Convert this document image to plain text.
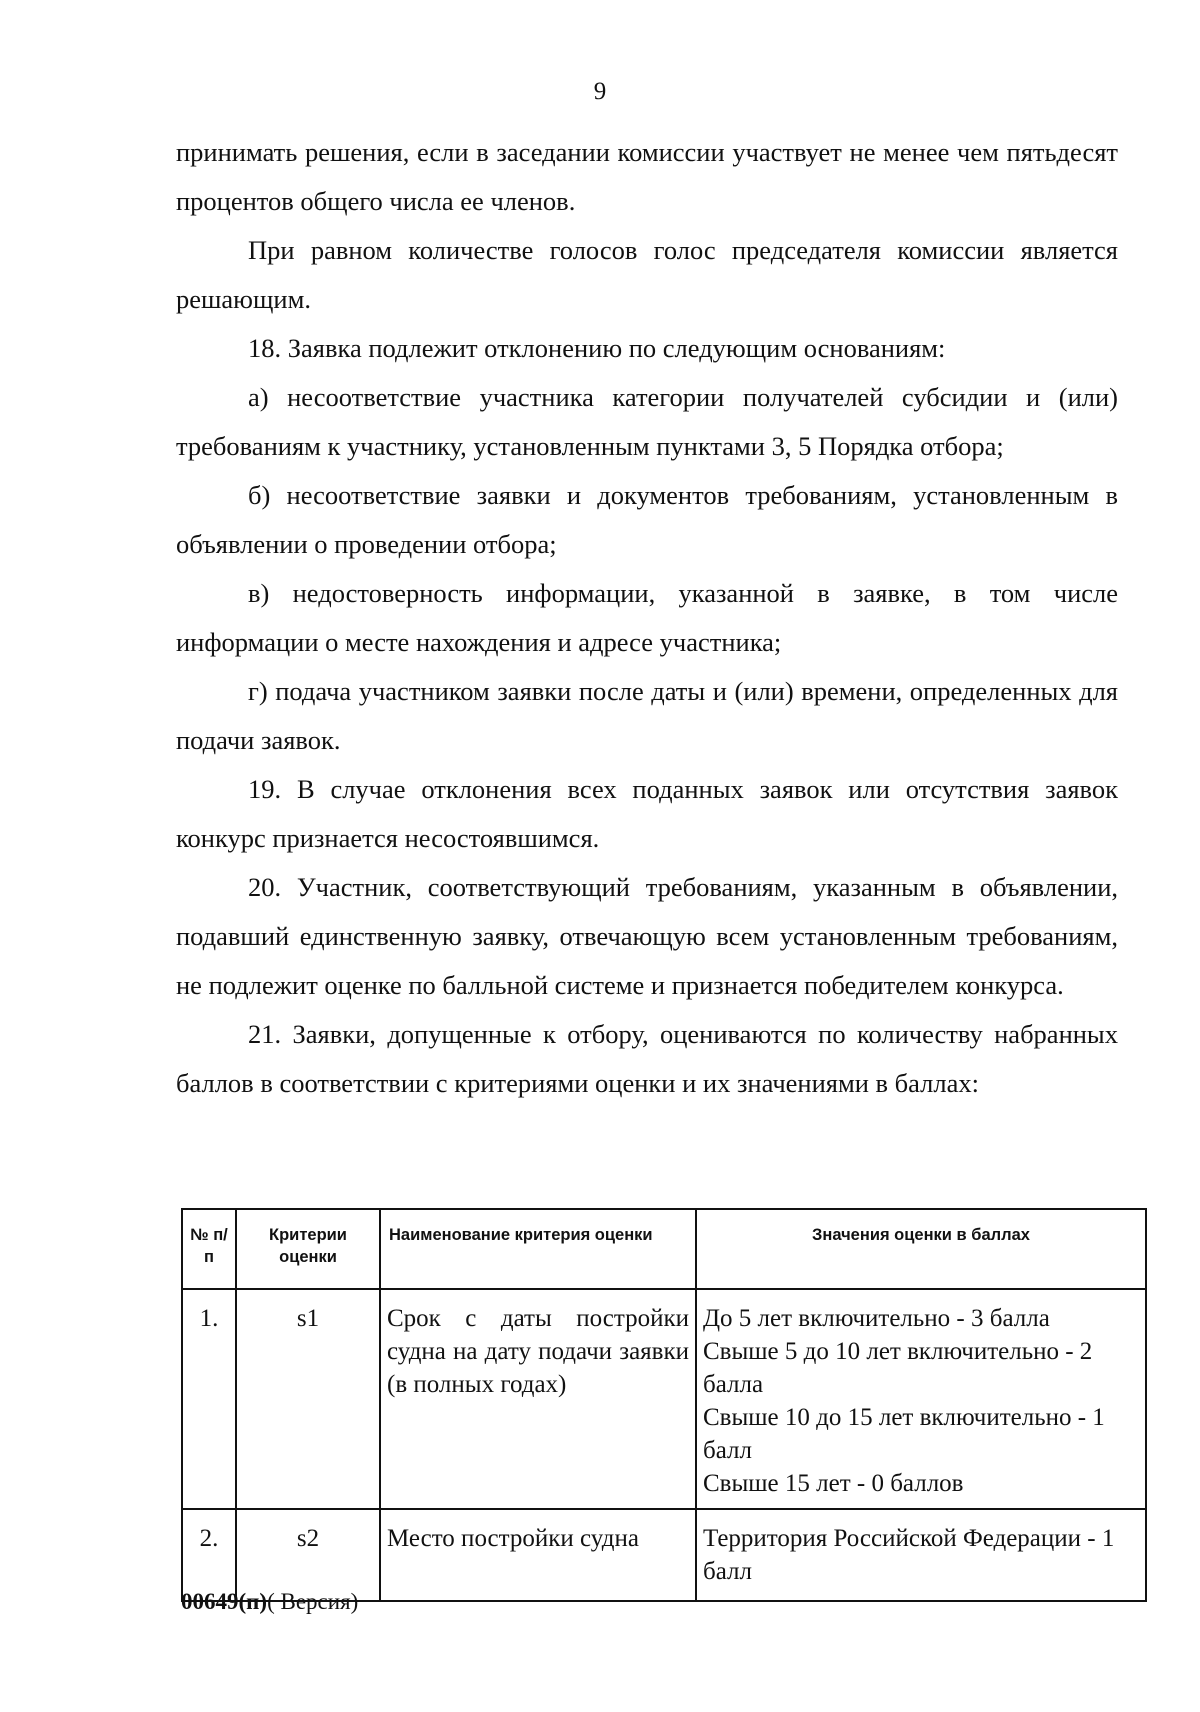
9

принимать решения, если в заседании комиссии участвует не менее чем пятьдесят процентов общего числа ее членов.

При равном количестве голосов голос председателя комиссии является решающим.

18. Заявка подлежит отклонению по следующим основаниям:

а) несоответствие участника категории получателей субсидии и (или) требованиям к участнику, установленным пунктами 3, 5 Порядка отбора;

б) несоответствие заявки и документов требованиям, установленным в объявлении о проведении отбора;

в) недостоверность информации, указанной в заявке, в том числе информации о месте нахождения и адресе участника;

г) подача участником заявки после даты и (или) времени, определенных для подачи заявок.

19. В случае отклонения всех поданных заявок или отсутствия заявок конкурс признается несостоявшимся.

20. Участник, соответствующий требованиям, указанным в объявлении, подавший единственную заявку, отвечающую всем установленным требованиям, не подлежит оценке по балльной системе и признается победителем конкурса.

21. Заявки, допущенные к отбору, оцениваются по количеству набранных баллов в соответствии с критериями оценки и их значениями в баллах:

№ п/п	Критерии оценки	Наименование критерия оценки	Значения оценки в баллах
1.	s1	Срок с даты постройки судна на дату подачи заявки (в полных годах)	До 5 лет включительно - 3 балла
Свыше 5 до 10 лет включительно - 2 балла
Свыше 10 до 15 лет включительно - 1 балл
Свыше 15 лет - 0 баллов

2.	s2	Место постройки судна	Территория Российской Федерации - 1 балл
00649(п)( Версия)
